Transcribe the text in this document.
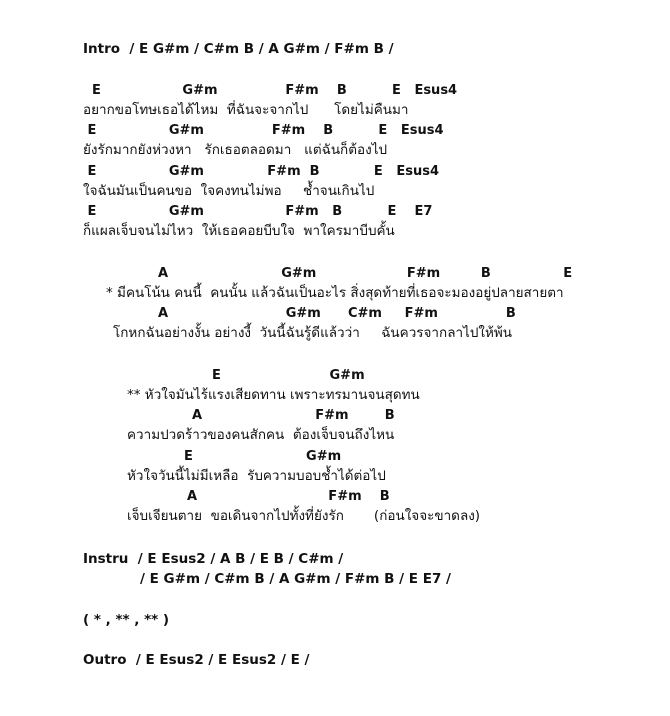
Intro  / E G#m / C#m B / A G#m / F#m B /
E                  G#m               F#m    B          E   Esus4
อยากขอโทษเธอได้ไหม  ที่ฉันจะจากไป      โดยไม่คืนมา
E                G#m               F#m    B          E   Esus4
ยังรักมากยังห่วงหา   รักเธอตลอดมา   แต่ฉันก็ต้องไป
E                G#m              F#m  B            E   Esus4
ใจฉันมันเป็นคนขอ  ใจคงทนไม่พอ     ช้ำจนเกินไป
E                G#m                  F#m   B          E    E7
ก็แผลเจ็บจนไม่ไหว  ให้เธอคอยบีบใจ  พาใครมาบีบคั้น
A                         G#m                    F#m         B                E
* มีคนโน้น คนนี้  คนนั้น แล้วฉันเป็นอะไร สิ่งสุดท้ายที่เธอจะมองอยู่ปลายสายตา
A                          G#m      C#m     F#m               B
โกหกฉันอย่างงั้น อย่างงี้  วันนี้ฉันรู้ดีแล้วว่า     ฉันควรจากลาไปให้พ้น
E                        G#m
** หัวใจมันไร้แรงเสียดทาน เพราะทรมานจนสุดทน
A                         F#m        B
ความปวดร้าวของคนสักคน  ต้องเจ็บจนถึงไหน
E                         G#m
หัวใจวันนี้ไม่มีเหลือ  รับความบอบช้ำได้ต่อไป
A                             F#m    B
เจ็บเจียนตาย  ขอเดินจากไปทั้งที่ยังรัก       (ก่อนใจจะขาดลง)
Instru  / E Esus2 / A B / E B / C#m /
/ E G#m / C#m B / A G#m / F#m B / E E7 /
( * , ** , ** )
Outro  / E Esus2 / E Esus2 / E /
